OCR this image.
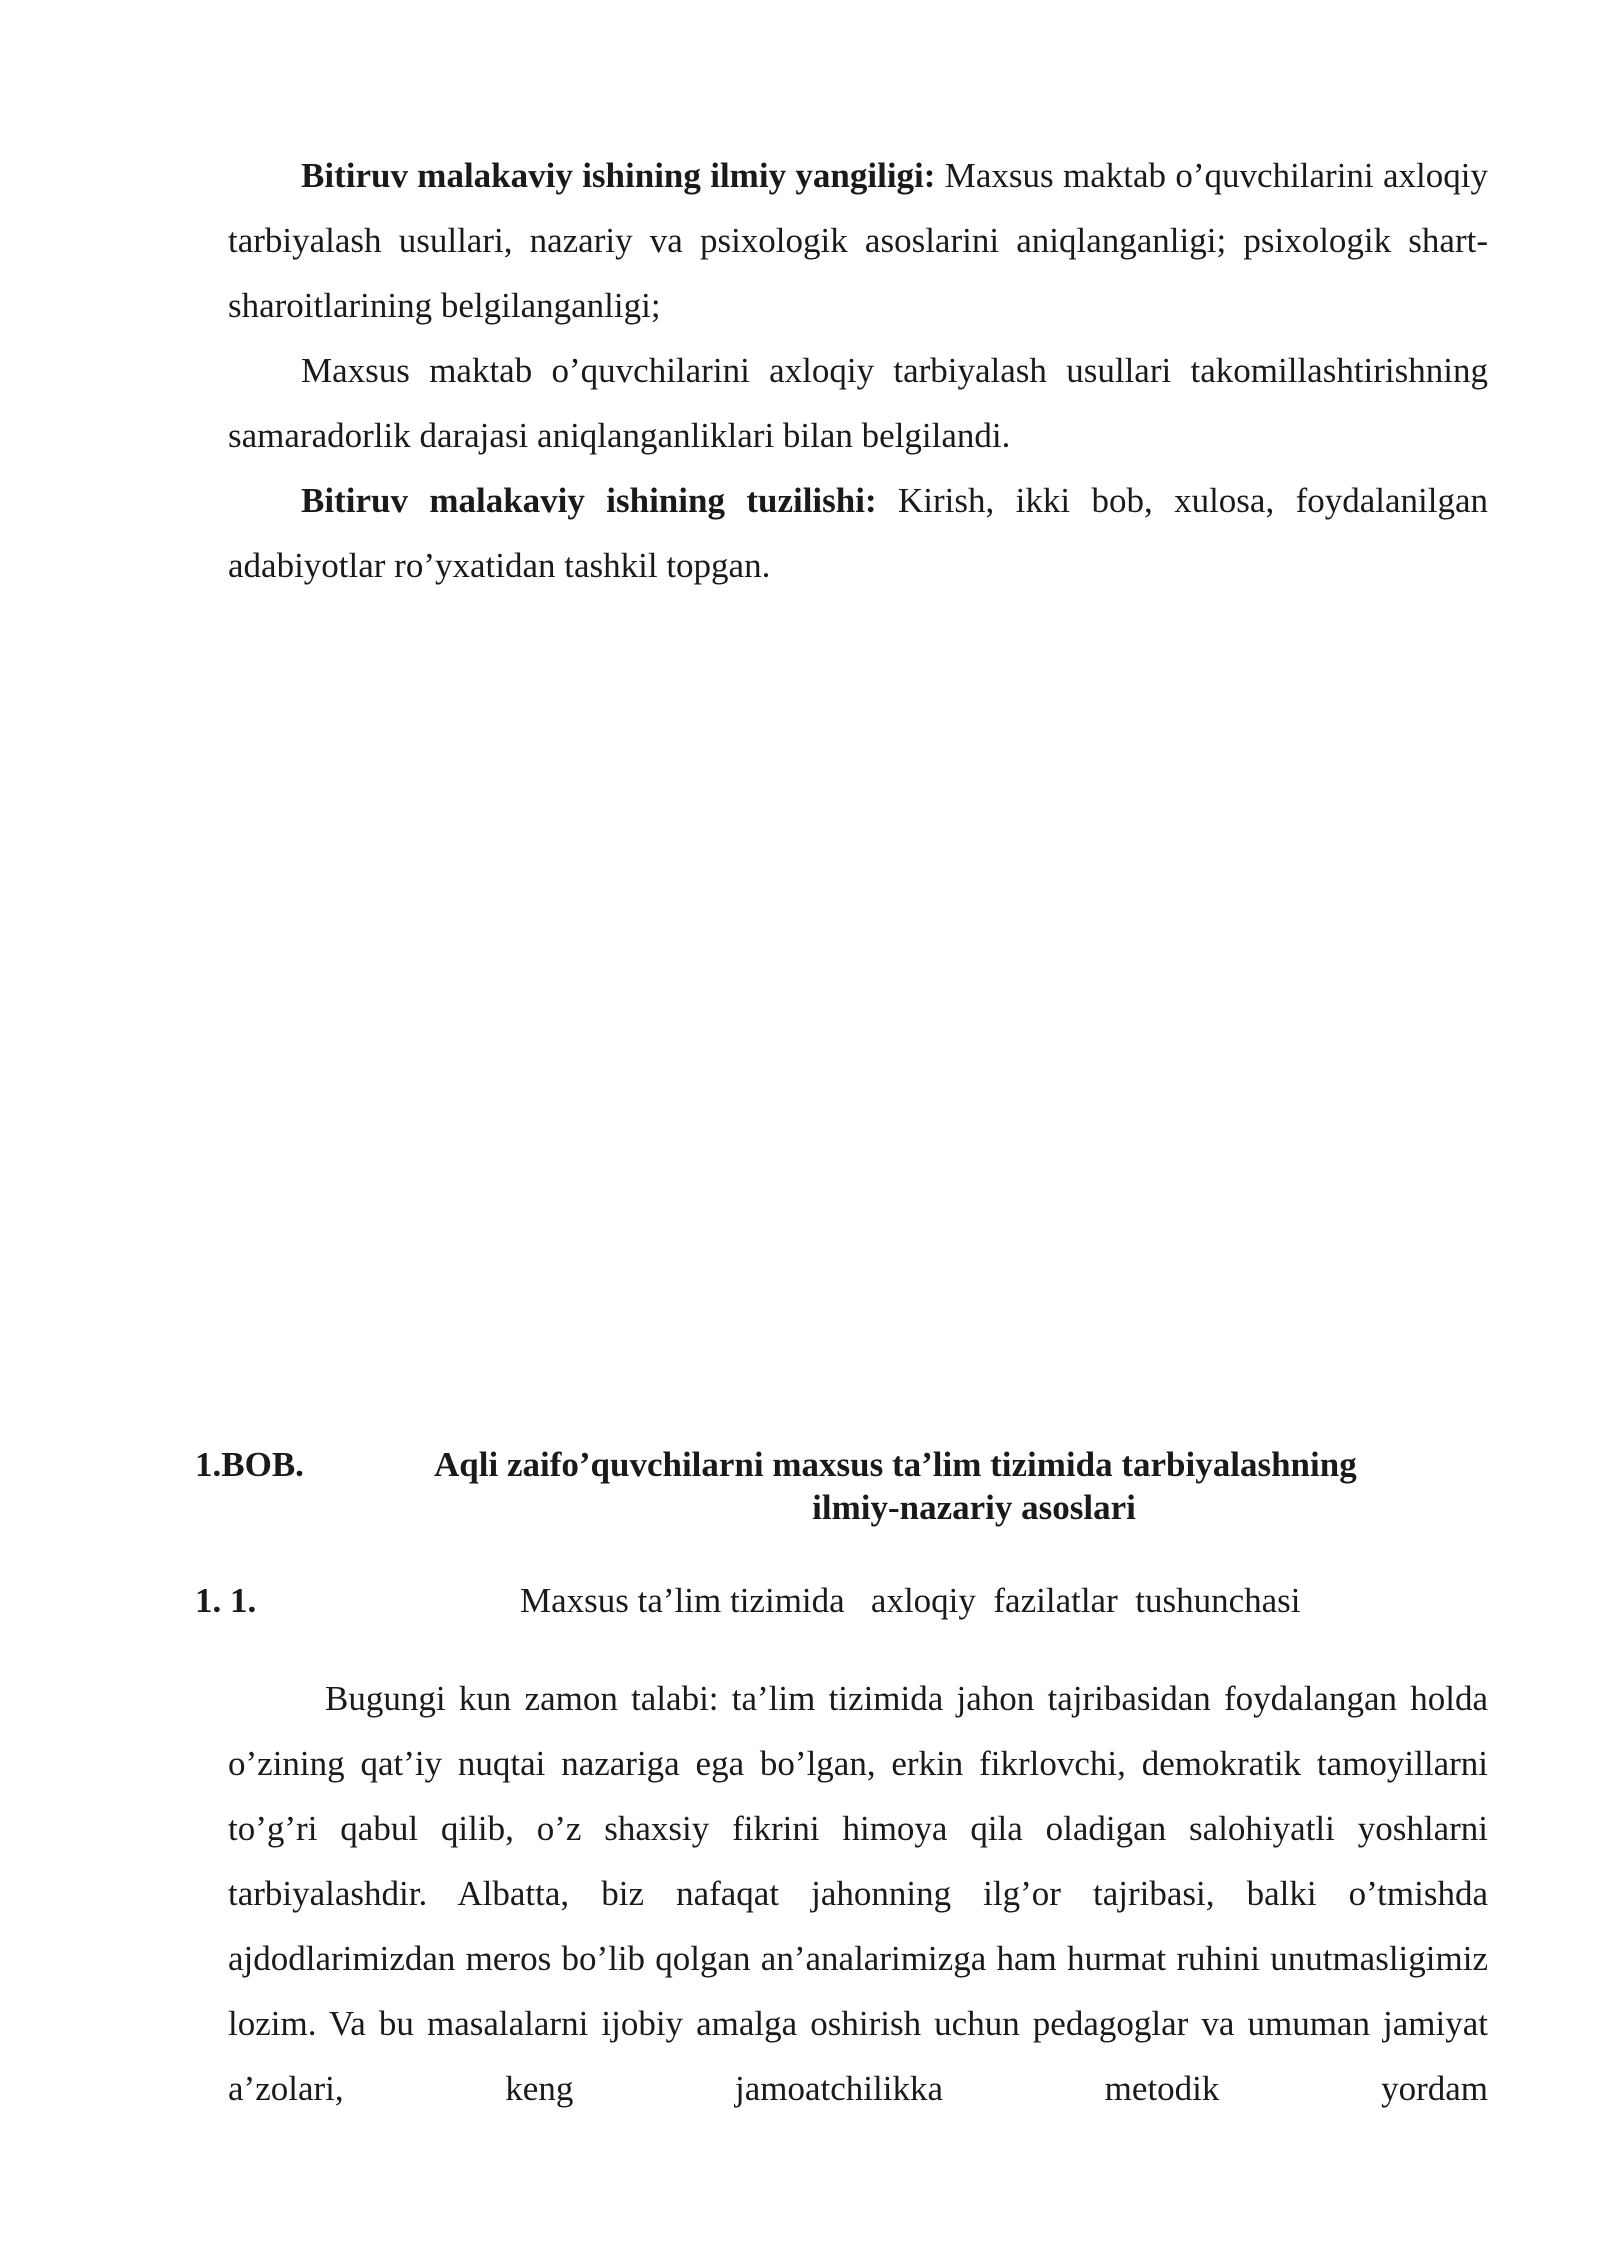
Bitiruv malakaviy ishining ilmiy yangiligi: Maxsus maktab o’quvchilarini axloqiy tarbiyalash usullari, nazariy va psixologik asoslarini aniqlanganligi; psixologik shart-sharoitlarining belgilanganligi;

Maxsus maktab o’quvchilarini axloqiy tarbiyalash usullari takomillashtirishning samaradorlik darajasi aniqlanganliklari bilan belgilandi.

Bitiruv malakaviy ishining tuzilishi: Kirish, ikki bob, xulosa, foydalanilgan adabiyotlar ro’yxatidan tashkil topgan.

1.BOB.	Aqli zaifo’quvchilarni maxsus ta’lim tizimida tarbiyalashning
ilmiy-nazariy asoslari
1. 1.	Maxsus ta’lim tizimida   axloqiy  fazilatlar  tushunchasi

Bugungi kun zamon talabi: ta’lim tizimida jahon tajribasidan foydalangan holda o’zining qat’iy nuqtai nazariga ega bo’lgan, erkin fikrlovchi, demokratik tamoyillarni to’g’ri qabul qilib, o’z shaxsiy fikrini himoya qila oladigan salohiyatli yoshlarni tarbiyalashdir. Albatta, biz nafaqat jahonning ilg’or tajribasi, balki o’tmishda ajdodlarimizdan meros bo’lib qolgan an’analarimizga ham hurmat ruhini unutmasligimiz lozim. Va bu masalalarni ijobiy amalga oshirish uchun pedagoglar va umuman jamiyat a’zolari, keng jamoatchilikka metodik yordam
